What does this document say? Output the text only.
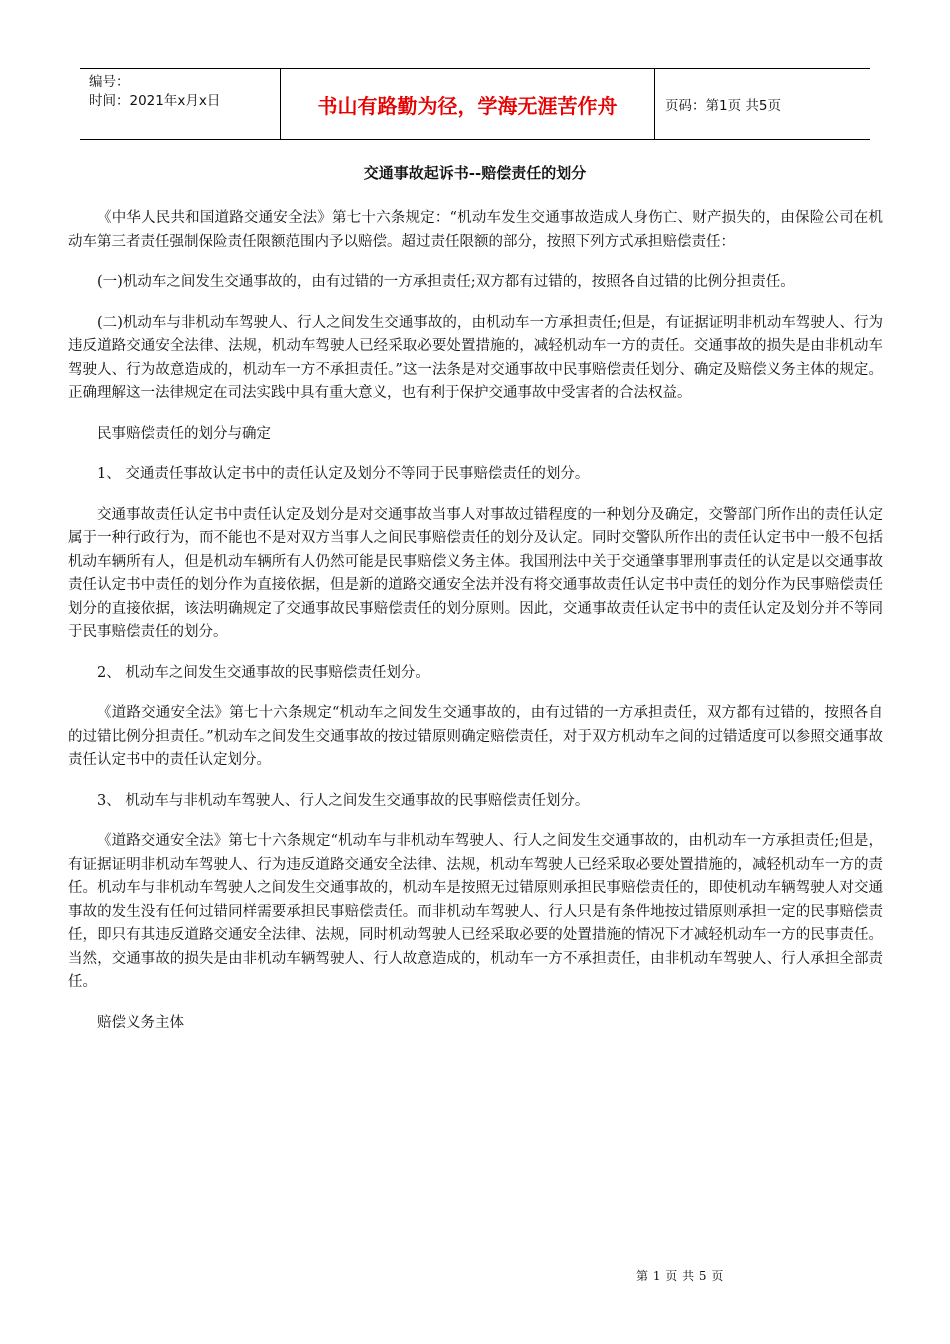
编号：
时间：2021年x月x日	书山有路勤为径，学海无涯苦作舟	页码：第1页 共5页
交通事故起诉书--赔偿责任的划分

《中华人民共和国道路交通安全法》第七十六条规定：“机动车发生交通事故造成人身伤亡、财产损失的，由保险公司在机动车第三者责任强制保险责任限额范围内予以赔偿。超过责任限额的部分，按照下列方式承担赔偿责任：

(一)机动车之间发生交通事故的，由有过错的一方承担责任;双方都有过错的，按照各自过错的比例分担责任。

(二)机动车与非机动车驾驶人、行人之间发生交通事故的，由机动车一方承担责任;但是，有证据证明非机动车驾驶人、行为违反道路交通安全法律、法规，机动车驾驶人已经采取必要处置措施的，减轻机动车一方的责任。交通事故的损失是由非机动车驾驶人、行为故意造成的，机动车一方不承担责任。”这一法条是对交通事故中民事赔偿责任划分、确定及赔偿义务主体的规定。正确理解这一法律规定在司法实践中具有重大意义，也有利于保护交通事故中受害者的合法权益。

民事赔偿责任的划分与确定

1、 交通责任事故认定书中的责任认定及划分不等同于民事赔偿责任的划分。

交通事故责任认定书中责任认定及划分是对交通事故当事人对事故过错程度的一种划分及确定，交警部门所作出的责任认定属于一种行政行为，而不能也不是对双方当事人之间民事赔偿责任的划分及认定。同时交警队所作出的责任认定书中一般不包括机动车辆所有人，但是机动车辆所有人仍然可能是民事赔偿义务主体。我国刑法中关于交通肇事罪刑事责任的认定是以交通事故责任认定书中责任的划分作为直接依据，但是新的道路交通安全法并没有将交通事故责任认定书中责任的划分作为民事赔偿责任划分的直接依据，该法明确规定了交通事故民事赔偿责任的划分原则。因此，交通事故责任认定书中的责任认定及划分并不等同于民事赔偿责任的划分。

2、 机动车之间发生交通事故的民事赔偿责任划分。

《道路交通安全法》第七十六条规定“机动车之间发生交通事故的，由有过错的一方承担责任，双方都有过错的，按照各自的过错比例分担责任。”机动车之间发生交通事故的按过错原则确定赔偿责任，对于双方机动车之间的过错适度可以参照交通事故责任认定书中的责任认定划分。

3、 机动车与非机动车驾驶人、行人之间发生交通事故的民事赔偿责任划分。

《道路交通安全法》第七十六条规定“机动车与非机动车驾驶人、行人之间发生交通事故的，由机动车一方承担责任;但是，有证据证明非机动车驾驶人、行为违反道路交通安全法律、法规，机动车驾驶人已经采取必要处置措施的，减轻机动车一方的责任。机动车与非机动车驾驶人之间发生交通事故的，机动车是按照无过错原则承担民事赔偿责任的，即使机动车辆驾驶人对交通事故的发生没有任何过错同样需要承担民事赔偿责任。而非机动车驾驶人、行人只是有条件地按过错原则承担一定的民事赔偿责任，即只有其违反道路交通安全法律、法规，同时机动驾驶人已经采取必要的处置措施的情况下才减轻机动车一方的民事责任。当然，交通事故的损失是由非机动车辆驾驶人、行人故意造成的，机动车一方不承担责任，由非机动车驾驶人、行人承担全部责任。

赔偿义务主体

第 1 页 共 5 页
